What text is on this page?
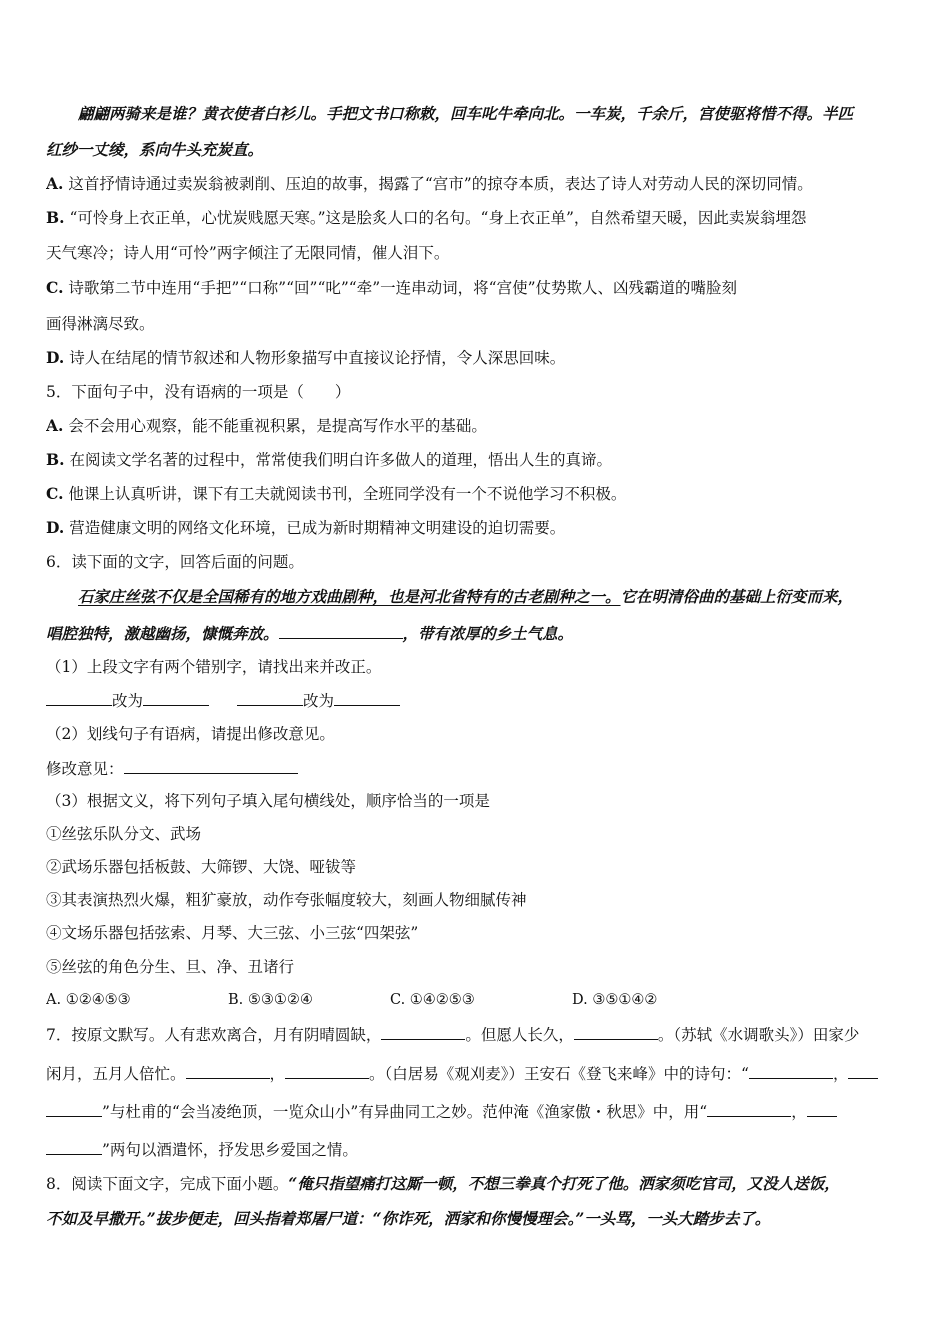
翩翩两骑来是谁？黄衣使者白衫儿。手把文书口称敕，回车叱牛牵向北。一车炭，千余斤，宫使驱将惜不得。半匹
红纱一丈绫，系向牛头充炭直。
A. 这首抒情诗通过卖炭翁被剥削、压迫的故事，揭露了“宫市”的掠夺本质，表达了诗人对劳动人民的深切同情。
B. “可怜身上衣正单，心忧炭贱愿天寒。”这是脍炙人口的名句。“身上衣正单”，自然希望天暖，因此卖炭翁埋怨
天气寒冷；诗人用“可怜”两字倾注了无限同情，催人泪下。
C. 诗歌第二节中连用“手把”“口称”“回”“叱”“牵”一连串动词，将“宫使”仗势欺人、凶残霸道的嘴脸刻
画得淋漓尽致。
D. 诗人在结尾的情节叙述和人物形象描写中直接议论抒情，令人深思回味。
5．下面句子中，没有语病的一项是（　　）
A. 会不会用心观察，能不能重视积累，是提高写作水平的基础。
B. 在阅读文学名著的过程中，常常使我们明白许多做人的道理，悟出人生的真谛。
C. 他课上认真听讲，课下有工夫就阅读书刊，全班同学没有一个不说他学习不积极。
D. 营造健康文明的网络文化环境，已成为新时期精神文明建设的迫切需要。
6．读下面的文字，回答后面的问题。
石家庄丝弦不仅是全国稀有的地方戏曲剧种，也是河北省特有的古老剧种之一。它在明清俗曲的基础上衍变而来，
唱腔独特，激越幽扬，慷慨奔放。	，带有浓厚的乡土气息。
（1）上段文字有两个错别字，请找出来并改正。
改为	改为
（2）划线句子有语病，请提出修改意见。
修改意见：
（3）根据文义，将下列句子填入尾句横线处，顺序恰当的一项是
①丝弦乐队分文、武场
②武场乐器包括板鼓、大筛锣、大饶、哑钹等
③其表演热烈火爆，粗犷豪放，动作夸张幅度较大，刻画人物细腻传神
④文场乐器包括弦索、月琴、大三弦、小三弦“四架弦”
⑤丝弦的角色分生、旦、净、丑诸行
A. ①②④⑤③	B. ⑤③①②④	C. ①④②⑤③	D. ③⑤①④②
7．按原文默写。人有悲欢离合，月有阴晴圆缺，	。但愿人长久，	。（苏轼《水调歌头》）田家少
闲月，五月人倍忙。	，	。（白居易《观刈麦》）王安石《登飞来峰》中的诗句：“	，
”与杜甫的“会当凌绝顶，一览众山小”有异曲同工之妙。范仲淹《渔家傲・秋思》中，用“	，
”两句以酒遣怀，抒发思乡爱国之情。
8．阅读下面文字，完成下面小题。“俺只指望痛打这厮一顿，不想三拳真个打死了他。洒家须吃官司，又没人送饭，
不如及早撒开。”拔步便走，回头指着郑屠尸道：“你诈死，洒家和你慢慢理会。”一头骂，一头大踏步去了。
